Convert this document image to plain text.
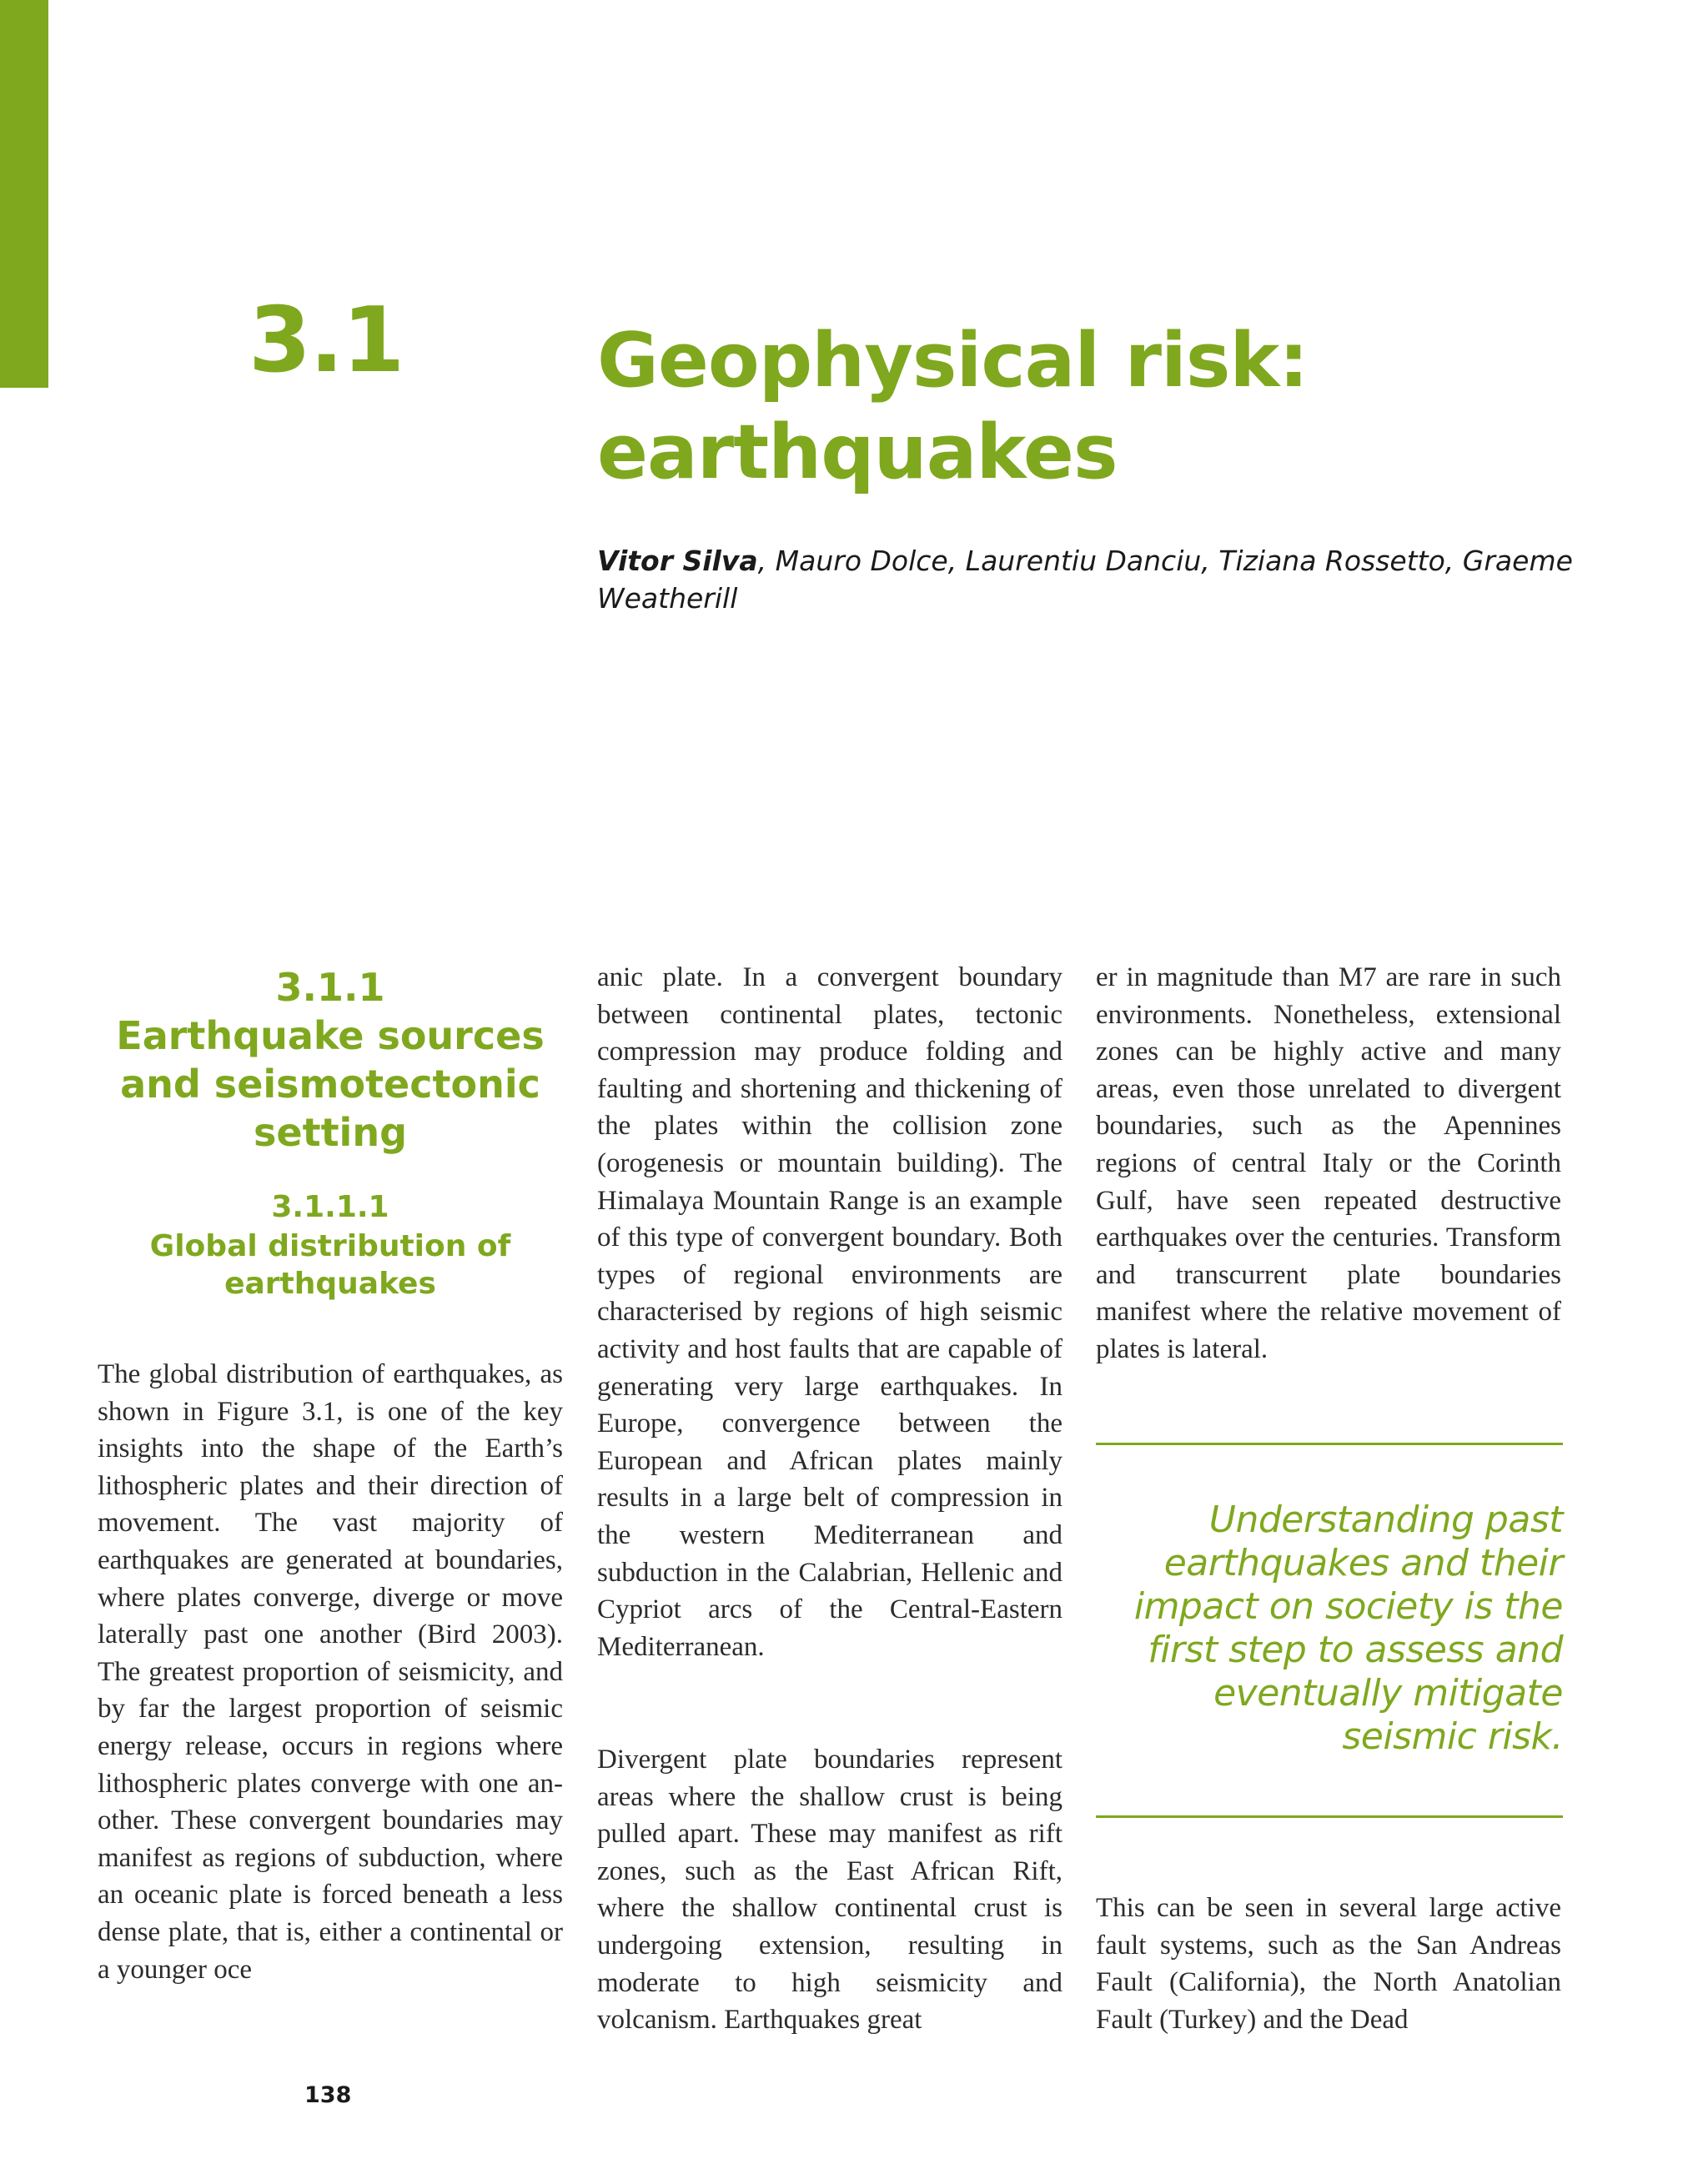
3.1	Geophysical risk: earthquakes
Vitor Silva, Mauro Dolce, Laurentiu Danciu, Tiziana Rossetto, Graeme Weatherill
3.1.1
Earthquake sources and seismotectonic setting
3.1.1.1
Global distribution of earthquakes
The global distribution of earthquakes, as shown in Figure 3.1, is one of the key insights into the shape of the Earth’s lithospheric plates and their direction of movement. The vast majority of earthquakes are generated at boundaries, where plates converge, diverge or move laterally past one another (Bird 2003). The greatest proportion of seismicity, and by far the largest proportion of seismic energy release, occurs in regions where lithospheric plates converge with one another. These convergent boundaries may manifest as regions of subduction, where an oceanic plate is forced beneath a less dense plate, that is, either a continental or a younger oce
anic plate. In a convergent boundary between continental plates, tectonic compression may produce folding and faulting and shortening and thickening of the plates within the collision zone (orogenesis or mountain building). The Himalaya Mountain Range is an example of this type of convergent boundary. Both types of regional environments are characterised by regions of high seismic activity and host faults that are capable of generating very large earthquakes. In Europe, convergence between the European and African plates mainly results in a large belt of compression in the western Mediterranean and subduction in the Calabrian, Hellenic and Cypriot arcs of the Central-Eastern Mediterranean.
Divergent plate boundaries represent areas where the shallow crust is being pulled apart. These may manifest as rift zones, such as the East African Rift, where the shallow continental crust is undergoing extension, resulting in moderate to high seismicity and volcanism. Earthquakes great
er in magnitude than M7 are rare in such environments. Nonetheless, extensional zones can be highly active and many areas, even those unrelated to divergent boundaries, such as the Apennines regions of central Italy or the Corinth Gulf, have seen repeated destructive earthquakes over the centuries. Transform and transcurrent plate boundaries manifest where the relative movement of plates is lateral.
Understanding past earthquakes and their impact on society is the first step to assess and eventually mitigate seismic risk.
This can be seen in several large active fault systems, such as the San Andreas Fault (California), the North Anatolian Fault (Turkey) and the Dead
138
